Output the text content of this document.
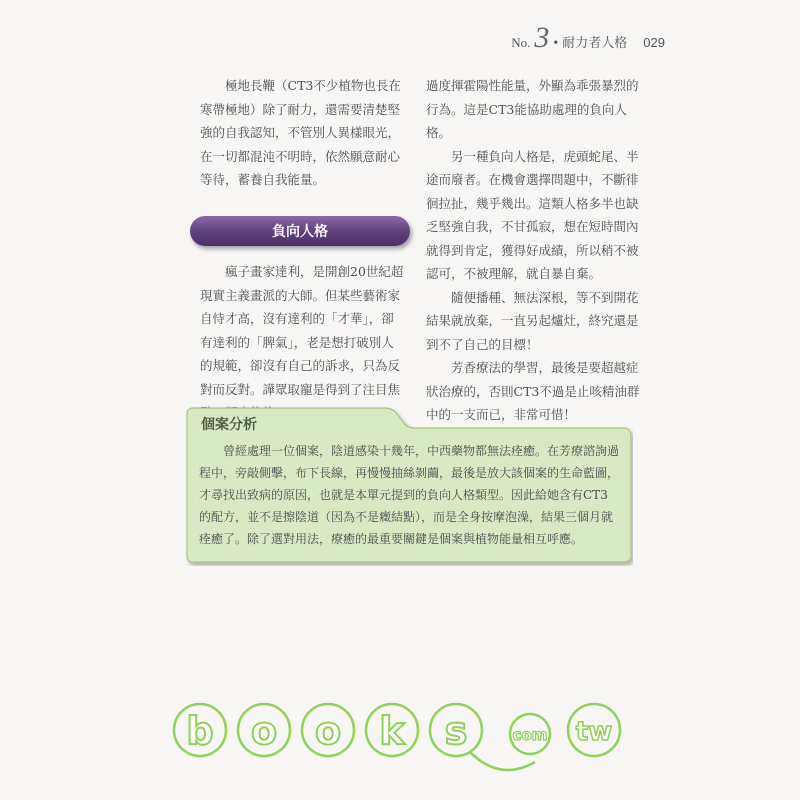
No. 3 • 耐力者人格 029

極地長鞭（CT3不少植物也長在寒帶極地）除了耐力，還需要清楚堅強的自我認知，不管別人異樣眼光，在一切都混沌不明時，依然願意耐心等待，蓄養自我能量。

負向人格

瘋子畫家達利，是開創20世紀超現實主義畫派的大師。但某些藝術家自恃才高，沒有達利的「才華」，卻有達利的「脾氣」，老是想打破別人的規範，卻沒有自己的訴求，只為反對而反對。譁眾取寵是得到了注目焦

過度揮霍陽性能量，外顯為乖張暴烈的行為。這是CT3能協助處理的負向人格。

另一種負向人格是，虎頭蛇尾、半途而廢者。在機會選擇問題中，不斷徘徊拉扯，幾乎幾出。這類人格多半也缺乏堅強自我，不甘孤寂，想在短時間內就得到肯定，獲得好成績，所以稍不被認可，不被理解，就自暴自棄。

隨便播種、無法深根，等不到開花結果就放棄，一直另起爐灶，終究還是到不了自己的目標！

芳香療法的學習，最後是要超越症狀治療的，否則CT3不過是止咳精油群中的一支而已，非常可惜！

個案分析

曾經處理一位個案，陰道感染十幾年，中西藥物都無法痊癒。在芳療諮詢過程中，旁敲側擊，布下長線，再慢慢抽絲剝繭，最後是放大該個案的生命藍圖，才尋找出致病的原因，也就是本單元提到的負向人格類型。因此給她含有CT3的配方，並不是擦陰道（因為不是癥結點），而是全身按摩泡澡，結果三個月就痊癒了。除了選對用法，療癒的最重要關鍵是個案與植物能量相互呼應。

b o o k s	com tw
